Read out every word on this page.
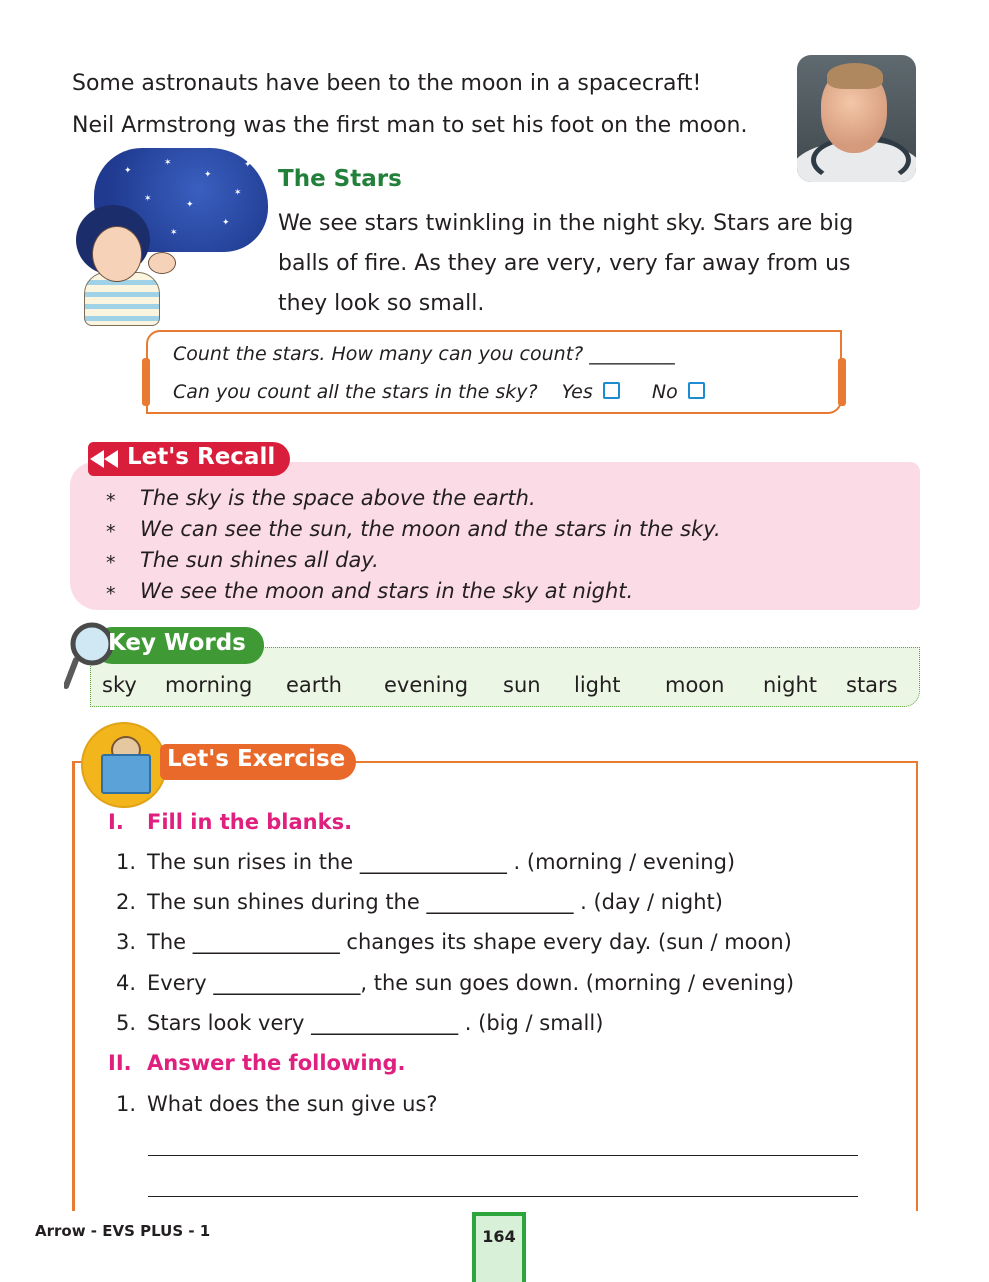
Some astronauts have been to the moon in a spacecraft!
Neil Armstrong was the first man to set his foot on the moon.
✦
✶
✦
✶
✶
✦
✦
✦
✶
The Stars
We see stars twinkling in the night sky. Stars are big
balls of fire. As they are very, very far away from us
they look so small.
Count the stars. How many can you count? _________
Can you count all the stars in the sky? Yes	No
Let's Recall
* The sky is the space above the earth.
* We can see the sun, the moon and the stars in the sky.
* The sun shines all day.
* We see the moon and stars in the sky at night.
Key Words
sky morning earth evening sun light moon night stars
Let's Exercise
I. Fill in the blanks.
1. The sun rises in the ______________ . (morning / evening)
2. The sun shines during the ______________ . (day / night)
3. The ______________ changes its shape every day. (sun / moon)
4. Every ______________, the sun goes down. (morning / evening)
5. Stars look very ______________ . (big / small)
II. Answer the following.
1. What does the sun give us?
Arrow - EVS PLUS - 1	164
